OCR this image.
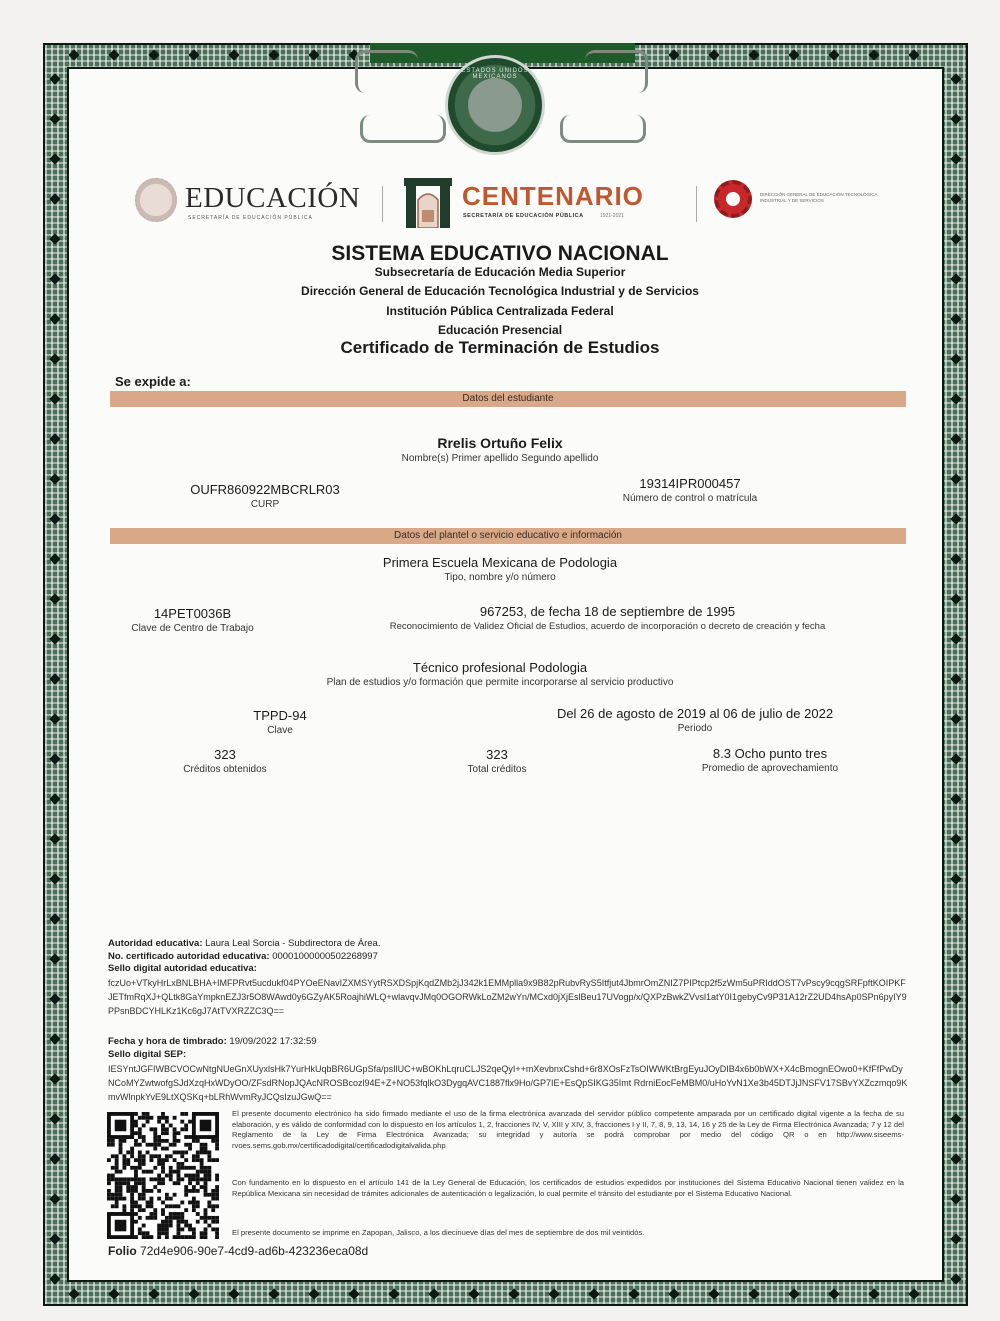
ESTADOS UNIDOS MEXICANOS
EDUCACIÓN
SECRETARÍA DE EDUCACIÓN PÚBLICA
CENTENARIO
SECRETARÍA DE EDUCACIÓN PÚBLICA	1921-2021
DIRECCIÓN GENERAL DE EDUCACIÓN TECNOLÓGICA INDUSTRIAL Y DE SERVICIOS
SISTEMA EDUCATIVO NACIONAL
Subsecretaría de Educación Media Superior
Dirección General de Educación Tecnológica Industrial y de Servicios
Institución Pública Centralizada Federal
Educación Presencial
Certificado de Terminación de Estudios
Se expide a:
Datos del estudiante
Rrelis Ortuño Felix
Nombre(s) Primer apellido Segundo apellido
OUFR860922MBCRLR03
CURP
19314IPR000457
Número de control o matrícula
Datos del plantel o servicio educativo e información
Primera Escuela Mexicana de Podologia
Tipo, nombre y/o número
14PET0036B
Clave de Centro de Trabajo
967253, de fecha 18 de septiembre de 1995
Reconocimiento de Validez Oficial de Estudios, acuerdo de incorporación o decreto de creación y fecha
Técnico profesional Podologia
Plan de estudios y/o formación que permite incorporarse al servicio productivo
TPPD-94
Clave
Del 26 de agosto de 2019 al 06 de julio de 2022
Periodo
323
Créditos obtenidos
323
Total créditos
8.3 Ocho punto tres
Promedio de aprovechamiento
Autoridad educativa: Laura Leal Sorcia - Subdirectora de Área.
No. certificado autoridad educativa: 00001000000502268997
Sello digital autoridad educativa:
fczUo+VTkyHrLxBNLBHA+IMFPRvt5ucdukf04PYOeENavIZXMSYytRSXDSpjKqdZMb2jJ342k1EMMplla9x9B82pRubvRyS5Itfjut4JbmrOmZNIZ7PIPtcp2f5zWm5uPRIddOST7vPscy9cqgSRFpftKOIPKFJETfmRqXJ+QLtk8GaYmpknEZJ3r5O8WAwd0y6GZyAK5RoajhiWLQ+wlavqvJMq0OGORWkLoZM2wYn/MCxd0jXjEslBeu17UVogp/x/QXPzBwkZVvsl1atY0I1gebyCv9P31A12rZ2UD4hsAp0SPn6pyIY9PPsnBDCYHLKz1Kc6gJ7AtTVXRZZC3Q==
Fecha y hora de timbrado: 19/09/2022 17:32:59
Sello digital SEP:
IESYntJGFIWBCVOCwNtgNUeGnXUyxlsHk7YurHkUqbBR6UGpSfa/psIlUC+wBOKhLqruCLJS2qeQyI++mXevbnxCshd+6r8XOsFzTsOIWWKtBrgEyuJOyDIB4x6b0bWX+X4cBmognEOwo0+KfFfPwDyNCoMYZwtwofgSJdXzqHxWDyOO/ZFsdRNopJQAcNROSBcozl94E+Z+NO53fqlkO3DygqAVC1887flx9Ho/GP7IE+EsQpSIKG35Imt RdrniEocFeMBM0/uHoYvN1Xe3b45DTJjJNSFV17SBvYXZczmqo9KmvWlnpkYvE9LtXQSKq+bLRhWvmRyJCQsIzuJGwQ==
El presente documento electrónico ha sido firmado mediante el uso de la firma electrónica avanzada del servidor público competente amparada por un certificado digital vigente a la fecha de su elaboración, y es válido de conformidad con lo dispuesto en los artículos 1, 2, fracciones IV, V, XIII y XIV, 3, fracciones I y II, 7, 8, 9, 13, 14, 16 y 25 de la Ley de Firma Electrónica Avanzada; 7 y 12 del Reglamento de la Ley de Firma Electrónica Avanzada; su integridad y autoría se podrá comprobar por medio del código QR o en http://www.siseems-rvoes.sems.gob.mx/certificadodigital/certificadodigitalvalida.php
Con fundamento en lo dispuesto en el artículo 141 de la Ley General de Educación, los certificados de estudios expedidos por instituciones del Sistema Educativo Nacional tienen validez en la República Mexicana sin necesidad de trámites adicionales de autenticación o legalización, lo cual permite el tránsito del estudiante por el Sistema Educativo Nacional.
El presente documento se imprime en Zapopan, Jalisco, a los diecinueve días del mes de septiembre de dos mil veintidós.
Folio 72d4e906-90e7-4cd9-ad6b-423236eca08d
